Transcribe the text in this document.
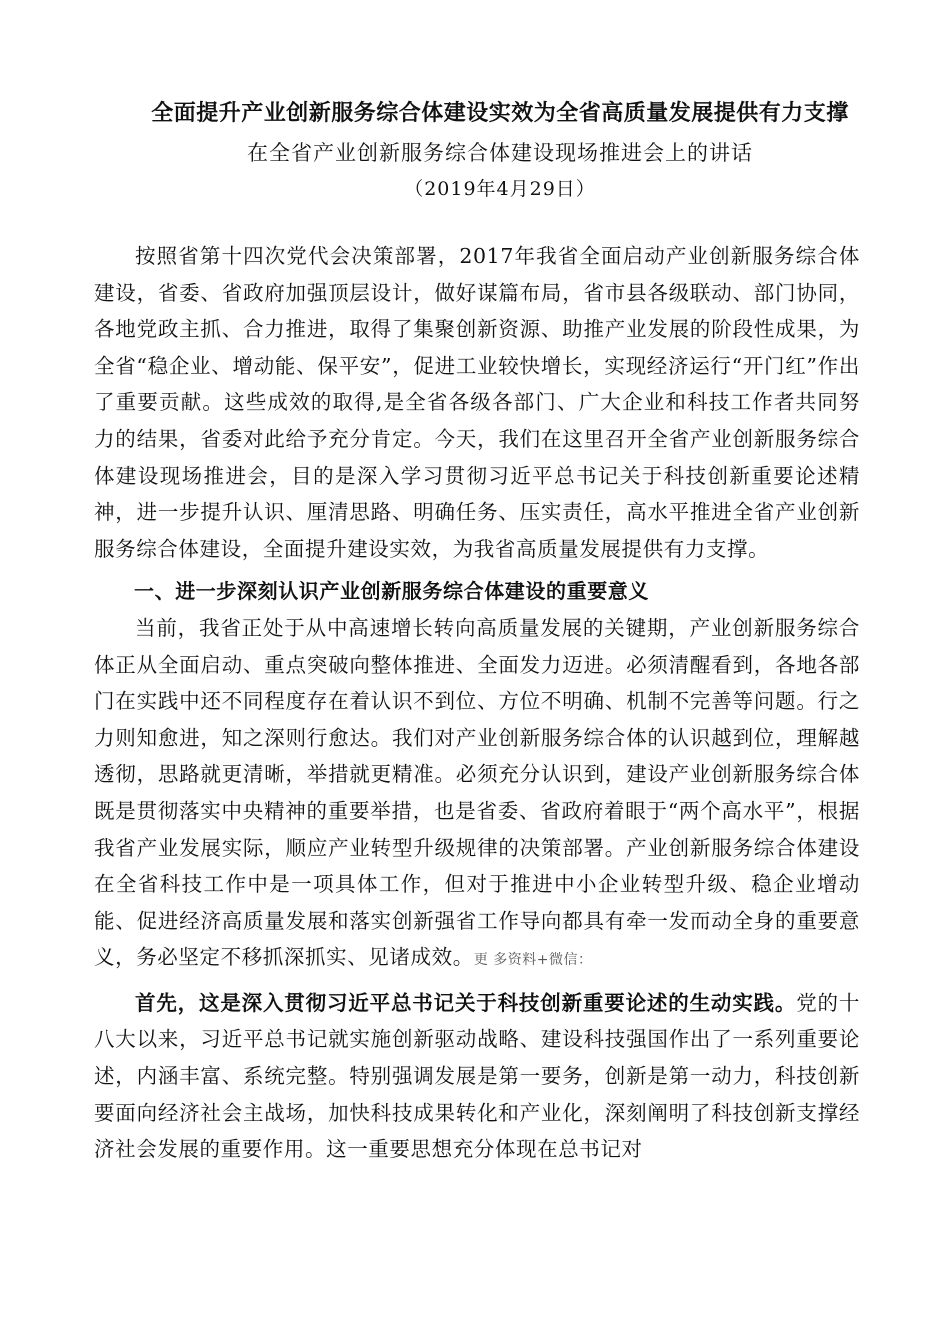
全面提升产业创新服务综合体建设实效为全省高质量发展提供有力支撑
在全省产业创新服务综合体建设现场推进会上的讲话
（2019年4月29日）

按照省第十四次党代会决策部署，2017年我省全面启动产业创新服务综合体建设，省委、省政府加强顶层设计，做好谋篇布局，省市县各级联动、部门协同，各地党政主抓、合力推进，取得了集聚创新资源、助推产业发展的阶段性成果，为全省“稳企业、增动能、保平安”，促进工业较快增长，实现经济运行“开门红”作出了重要贡献。这些成效的取得,是全省各级各部门、广大企业和科技工作者共同努力的结果，省委对此给予充分肯定。今天，我们在这里召开全省产业创新服务综合体建设现场推进会，目的是深入学习贯彻习近平总书记关于科技创新重要论述精神，进一步提升认识、厘清思路、明确任务、压实责任，高水平推进全省产业创新服务综合体建设，全面提升建设实效，为我省高质量发展提供有力支撑。

一、进一步深刻认识产业创新服务综合体建设的重要意义

当前，我省正处于从中高速增长转向高质量发展的关键期，产业创新服务综合体正从全面启动、重点突破向整体推进、全面发力迈进。必须清醒看到，各地各部门在实践中还不同程度存在着认识不到位、方位不明确、机制不完善等问题。行之力则知愈进，知之深则行愈达。我们对产业创新服务综合体的认识越到位，理解越透彻，思路就更清晰，举措就更精准。必须充分认识到，建设产业创新服务综合体既是贯彻落实中央精神的重要举措，也是省委、省政府着眼于“两个高水平”，根据我省产业发展实际，顺应产业转型升级规律的决策部署。产业创新服务综合体建设在全省科技工作中是一项具体工作，但对于推进中小企业转型升级、稳企业增动能、促进经济高质量发展和落实创新强省工作导向都具有牵一发而动全身的重要意义，务必坚定不移抓深抓实、见诸成效。更 多资料+微信：

首先，这是深入贯彻习近平总书记关于科技创新重要论述的生动实践。党的十八大以来，习近平总书记就实施创新驱动战略、建设科技强国作出了一系列重要论述，内涵丰富、系统完整。特别强调发展是第一要务，创新是第一动力，科技创新要面向经济社会主战场，加快科技成果转化和产业化，深刻阐明了科技创新支撑经济社会发展的重要作用。这一重要思想充分体现在总书记对
